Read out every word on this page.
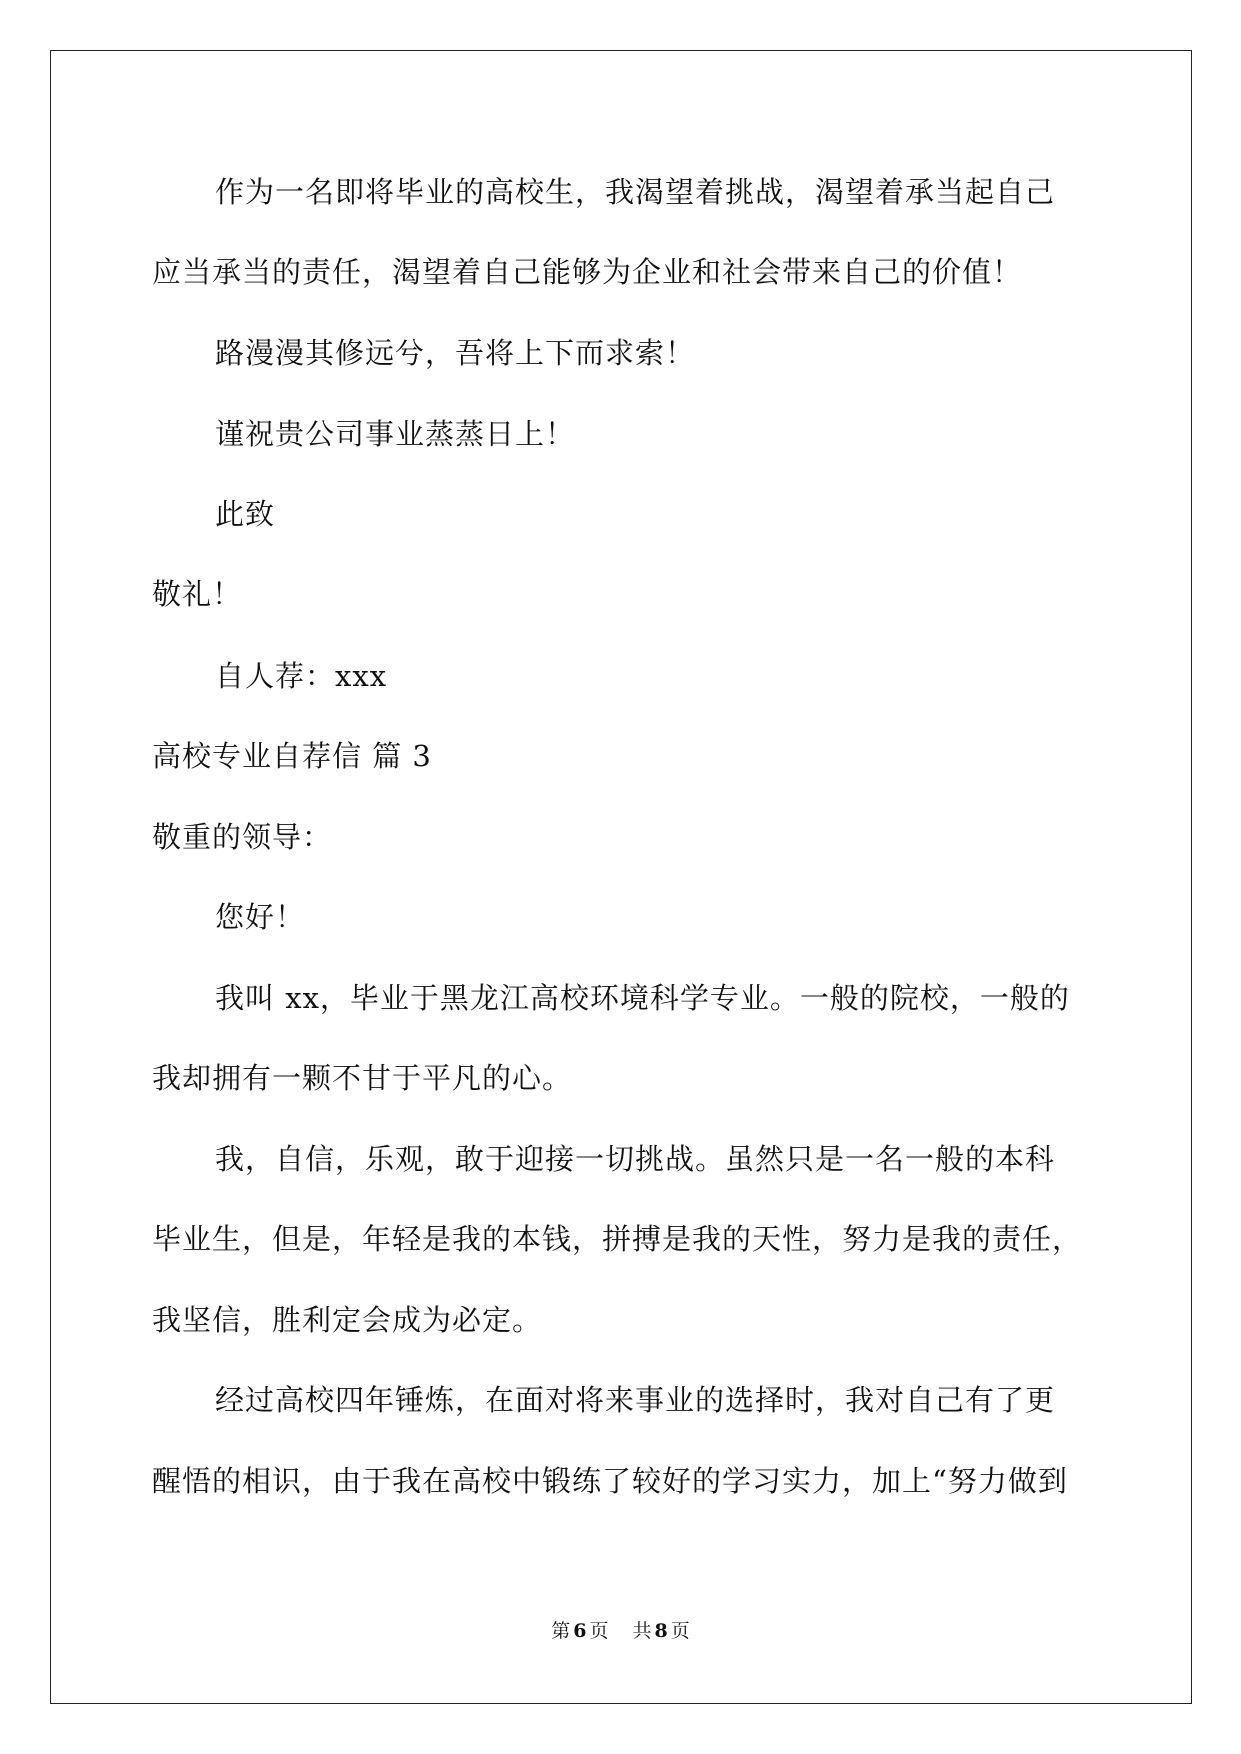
作为一名即将毕业的高校生，我渴望着挑战，渴望着承当起自己
应当承当的责任，渴望着自己能够为企业和社会带来自己的价值！
路漫漫其修远兮，吾将上下而求索！
谨祝贵公司事业蒸蒸日上！
此致
敬礼！
自人荐：xxx
高校专业自荐信 篇 3
敬重的领导：
您好！
我叫 xx，毕业于黑龙江高校环境科学专业。一般的院校，一般的
我却拥有一颗不甘于平凡的心。
我，自信，乐观，敢于迎接一切挑战。虽然只是一名一般的本科
毕业生，但是，年轻是我的本钱，拼搏是我的天性，努力是我的责任，
我坚信，胜利定会成为必定。
经过高校四年锤炼，在面对将来事业的选择时，我对自己有了更
醒悟的相识，由于我在高校中锻练了较好的学习实力，加上“努力做到
第 6 页 共 8 页
